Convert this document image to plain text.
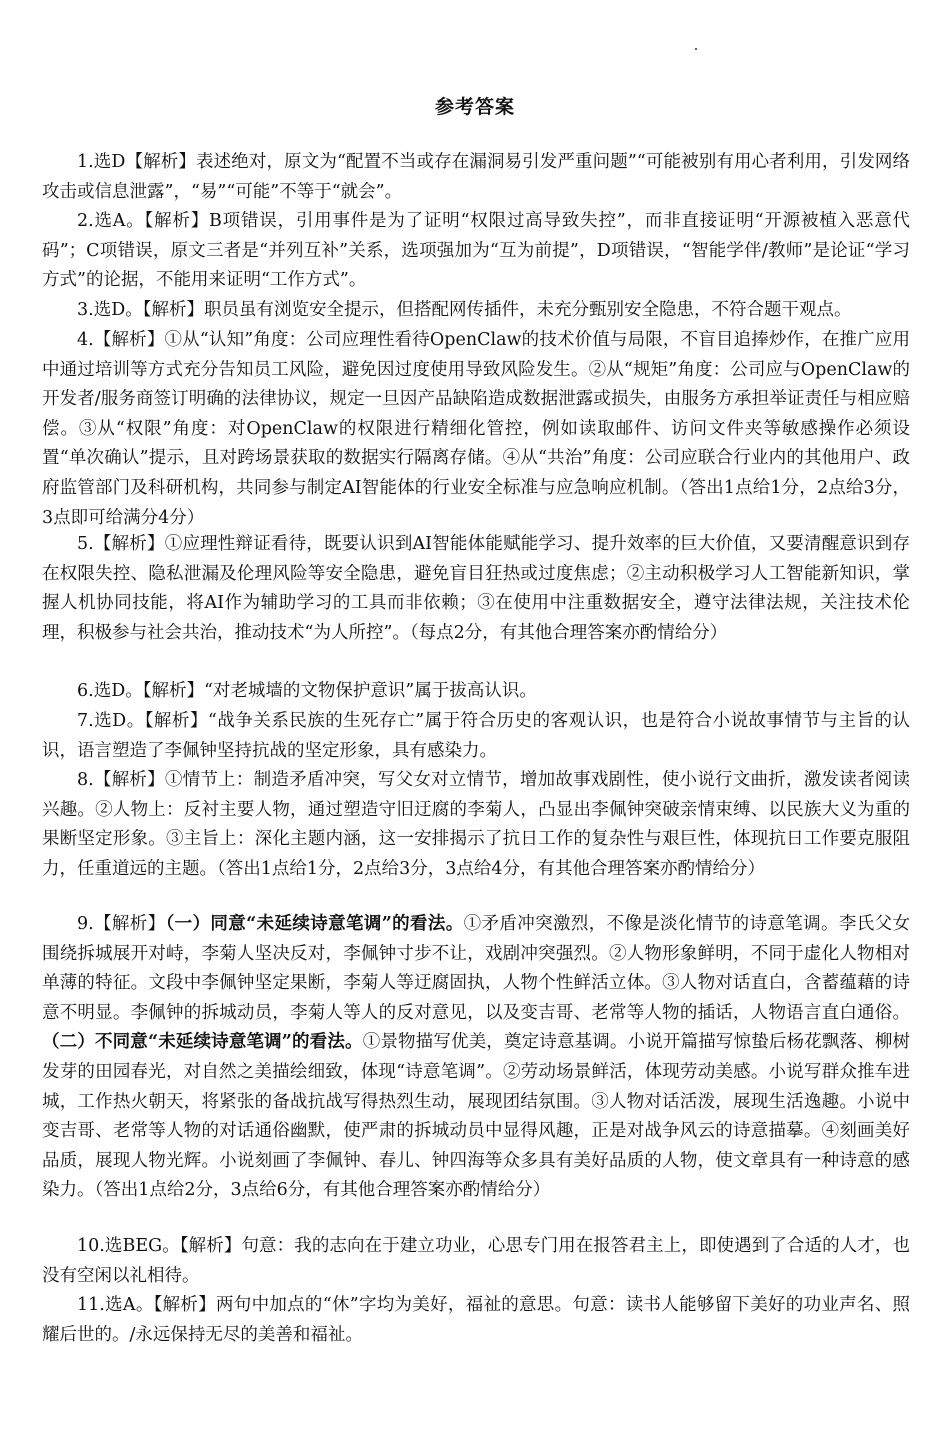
参考答案

1.选D【解析】表述绝对，原文为“配置不当或存在漏洞易引发严重问题”“可能被别有用心者利用，引发网络攻击或信息泄露”，“易”“可能”不等于“就会”。

2.选A。【解析】B项错误，引用事件是为了证明“权限过高导致失控”，而非直接证明“开源被植入恶意代码”；C项错误，原文三者是“并列互补”关系，选项强加为“互为前提”，D项错误，“智能学伴/教师”是论证“学习方式”的论据，不能用来证明“工作方式”。

3.选D。【解析】职员虽有浏览安全提示，但搭配网传插件，未充分甄别安全隐患，不符合题干观点。

4.【解析】①从“认知”角度：公司应理性看待OpenClaw的技术价值与局限，不盲目追捧炒作，在推广应用中通过培训等方式充分告知员工风险，避免因过度使用导致风险发生。②从“规矩”角度：公司应与OpenClaw的开发者/服务商签订明确的法律协议，规定一旦因产品缺陷造成数据泄露或损失，由服务方承担举证责任与相应赔偿。③从“权限”角度：对OpenClaw的权限进行精细化管控，例如读取邮件、访问文件夹等敏感操作必须设置“单次确认”提示，且对跨场景获取的数据实行隔离存储。④从“共治”角度：公司应联合行业内的其他用户、政府监管部门及科研机构，共同参与制定AI智能体的行业安全标准与应急响应机制。（答出1点给1分，2点给3分，3点即可给满分4分）

5.【解析】①应理性辩证看待，既要认识到AI智能体能赋能学习、提升效率的巨大价值，又要清醒意识到存在权限失控、隐私泄漏及伦理风险等安全隐患，避免盲目狂热或过度焦虑；②主动积极学习人工智能新知识，掌握人机协同技能，将AI作为辅助学习的工具而非依赖；③在使用中注重数据安全，遵守法律法规，关注技术伦理，积极参与社会共治，推动技术“为人所控”。（每点2分，有其他合理答案亦酌情给分）

6.选D。【解析】“对老城墙的文物保护意识”属于拔高认识。

7.选D。【解析】“战争关系民族的生死存亡”属于符合历史的客观认识，也是符合小说故事情节与主旨的认识，语言塑造了李佩钟坚持抗战的坚定形象，具有感染力。

8.【解析】①情节上：制造矛盾冲突，写父女对立情节，增加故事戏剧性，使小说行文曲折，激发读者阅读兴趣。②人物上：反衬主要人物，通过塑造守旧迂腐的李菊人，凸显出李佩钟突破亲情束缚、以民族大义为重的果断坚定形象。③主旨上：深化主题内涵，这一安排揭示了抗日工作的复杂性与艰巨性，体现抗日工作要克服阻力，任重道远的主题。（答出1点给1分，2点给3分，3点给4分，有其他合理答案亦酌情给分）

9.【解析】（一）同意“未延续诗意笔调”的看法。①矛盾冲突激烈，不像是淡化情节的诗意笔调。李氏父女围绕拆城展开对峙，李菊人坚决反对，李佩钟寸步不让，戏剧冲突强烈。②人物形象鲜明，不同于虚化人物相对单薄的特征。文段中李佩钟坚定果断，李菊人等迂腐固执，人物个性鲜活立体。③人物对话直白，含蓄蕴藉的诗意不明显。李佩钟的拆城动员，李菊人等人的反对意见，以及变吉哥、老常等人物的插话，人物语言直白通俗。（二）不同意“未延续诗意笔调”的看法。①景物描写优美，奠定诗意基调。小说开篇描写惊蛰后杨花飘落、柳树发芽的田园春光，对自然之美描绘细致，体现“诗意笔调”。②劳动场景鲜活，体现劳动美感。小说写群众推车进城，工作热火朝天，将紧张的备战抗战写得热烈生动，展现团结氛围。③人物对话活泼，展现生活逸趣。小说中变吉哥、老常等人物的对话通俗幽默，使严肃的拆城动员中显得风趣，正是对战争风云的诗意描摹。④刻画美好品质，展现人物光辉。小说刻画了李佩钟、春儿、钟四海等众多具有美好品质的人物，使文章具有一种诗意的感染力。（答出1点给2分，3点给6分，有其他合理答案亦酌情给分）

10.选BEG。【解析】句意：我的志向在于建立功业，心思专门用在报答君主上，即使遇到了合适的人才，也没有空闲以礼相待。

11.选A。【解析】两句中加点的“休”字均为美好，福祉的意思。句意：读书人能够留下美好的功业声名、照耀后世的。/永远保持无尽的美善和福祉。
